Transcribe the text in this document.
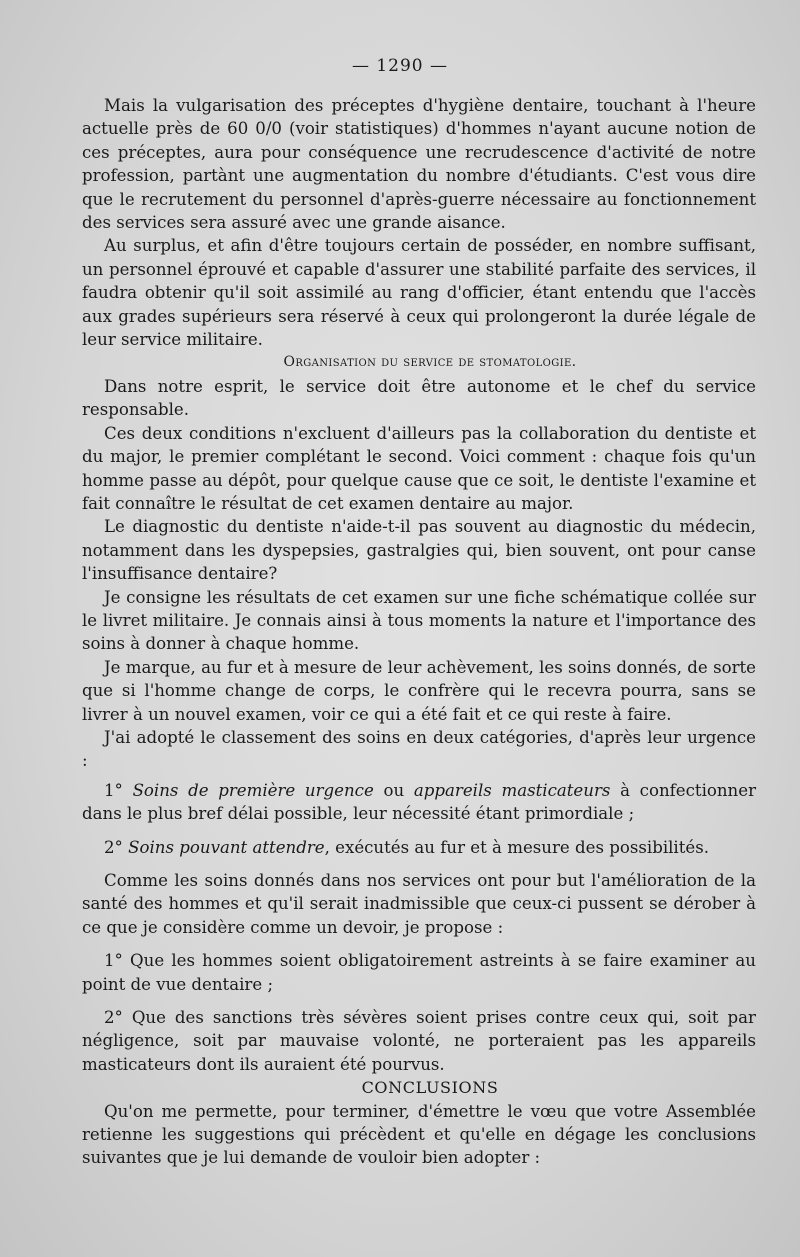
— 1290 —

Mais la vulgarisation des préceptes d'hygiène dentaire, touchant à l'heure actuelle près de 60 0/0 (voir statistiques) d'hommes n'ayant aucune notion de ces préceptes, aura pour conséquence une recrudescence d'activité de notre profession, partànt une augmentation du nombre d'étudiants. C'est vous dire que le recrutement du personnel d'après-guerre nécessaire au fonctionnement des services sera assuré avec une grande aisance.

Au surplus, et afin d'être toujours certain de posséder, en nombre suffisant, un personnel éprouvé et capable d'assurer une stabilité parfaite des services, il faudra obtenir qu'il soit assimilé au rang d'officier, étant entendu que l'accès aux grades supérieurs sera réservé à ceux qui prolongeront la durée légale de leur service militaire.

Organisation du service de stomatologie.

Dans notre esprit, le service doit être autonome et le chef du service responsable.

Ces deux conditions n'excluent d'ailleurs pas la collaboration du dentiste et du major, le premier complétant le second. Voici comment : chaque fois qu'un homme passe au dépôt, pour quelque cause que ce soit, le dentiste l'examine et fait connaître le résultat de cet examen dentaire au major.

Le diagnostic du dentiste n'aide-t-il pas souvent au diagnostic du médecin, notamment dans les dyspepsies, gastralgies qui, bien souvent, ont pour canse l'insuffisance dentaire?

Je consigne les résultats de cet examen sur une fiche schématique collée sur le livret militaire. Je connais ainsi à tous moments la nature et l'importance des soins à donner à chaque homme.

Je marque, au fur et à mesure de leur achèvement, les soins donnés, de sorte que si l'homme change de corps, le confrère qui le recevra pourra, sans se livrer à un nouvel examen, voir ce qui a été fait et ce qui reste à faire.

J'ai adopté le classement des soins en deux catégories, d'après leur urgence :

1° Soins de première urgence ou appareils masticateurs à confectionner dans le plus bref délai possible, leur nécessité étant primordiale ;

2° Soins pouvant attendre, exécutés au fur et à mesure des possibilités.

Comme les soins donnés dans nos services ont pour but l'amélioration de la santé des hommes et qu'il serait inadmissible que ceux-ci pussent se dérober à ce que je considère comme un devoir, je propose :

1° Que les hommes soient obligatoirement astreints à se faire examiner au point de vue dentaire ;

2° Que des sanctions très sévères soient prises contre ceux qui, soit par négligence, soit par mauvaise volonté, ne porteraient pas les appareils masticateurs dont ils auraient été pourvus.

CONCLUSIONS

Qu'on me permette, pour terminer, d'émettre le vœu que votre Assemblée retienne les suggestions qui précèdent et qu'elle en dégage les conclusions suivantes que je lui demande de vouloir bien adopter :
